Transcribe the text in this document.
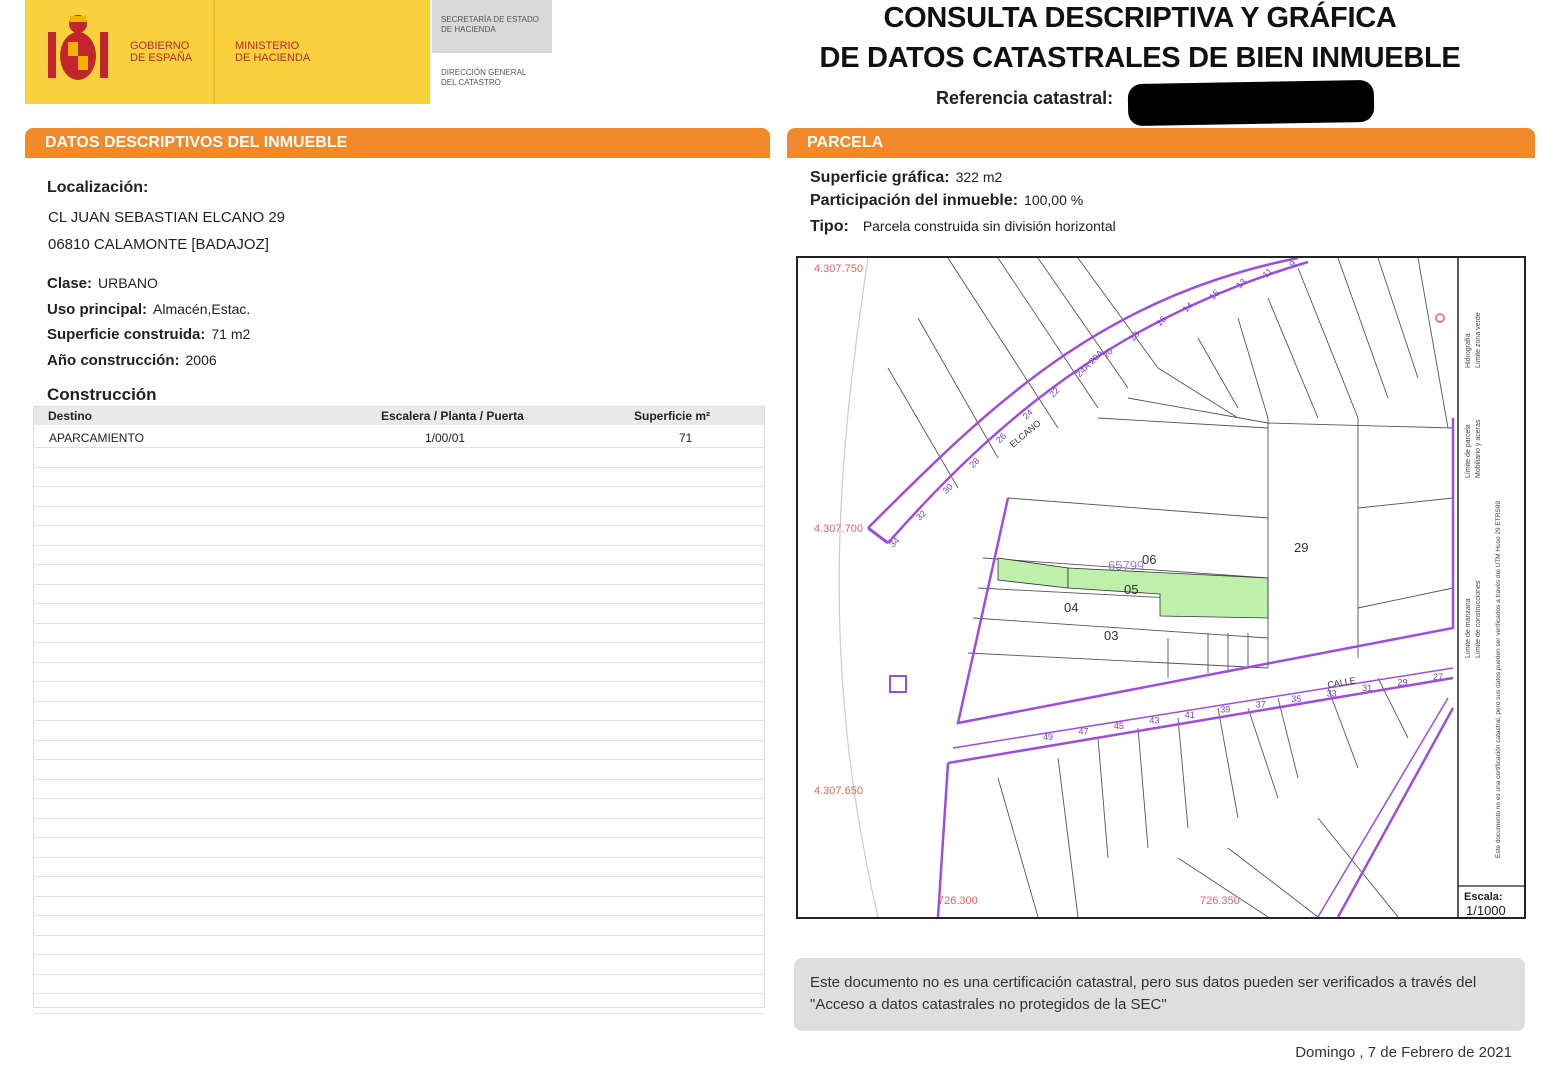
GOBIERNO
DE ESPAÑA
MINISTERIO
DE HACIENDA
SECRETARÍA DE ESTADO
DE HACIENDA
DIRECCIÓN GENERAL
DEL CATASTRO
CONSULTA DESCRIPTIVA Y GRÁFICA
DE DATOS CATASTRALES DE BIEN INMUEBLE
Referencia catastral:
DATOS DESCRIPTIVOS DEL INMUEBLE
Localización:
CL JUAN SEBASTIAN ELCANO 29
06810 CALAMONTE [BADAJOZ]
Clase: URBANO
Uso principal: Almacén,Estac.
Superficie construida: 71 m2
Año construcción: 2006
Construcción
Destino	Escalera / Planta / Puerta	Superficie m²
APARCAMIENTO	1/00/01	71
PARCELA
Superficie gráfica: 322 m2
Participación del inmueble: 100,00 %
Tipo: Parcela construida sin división horizontal
4.307.750
4.307.700
4.307.650
726.300	726.350
06
05
04
03
29
65799
ELCANO
CALLE
34
32
30
28
26
24
22
24A 20A
20
18
16
14
15
13
11
9
49
47
45
43
41
39
37
35
33
31
29
27
Límite de manzana
Límite de parcela
Hidrografía
Límite de construcciones
Mobiliario y aceras
Límite zona verde
Este documento no es una certificación catastral, pero sus datos pueden ser verificados a través del UTM Huso 29 ETRS89
Escala:
1/1000
Este documento no es una certificación catastral, pero sus datos pueden ser verificados a través del "Acceso a datos catastrales no protegidos de la SEC"
Domingo , 7 de Febrero de 2021
